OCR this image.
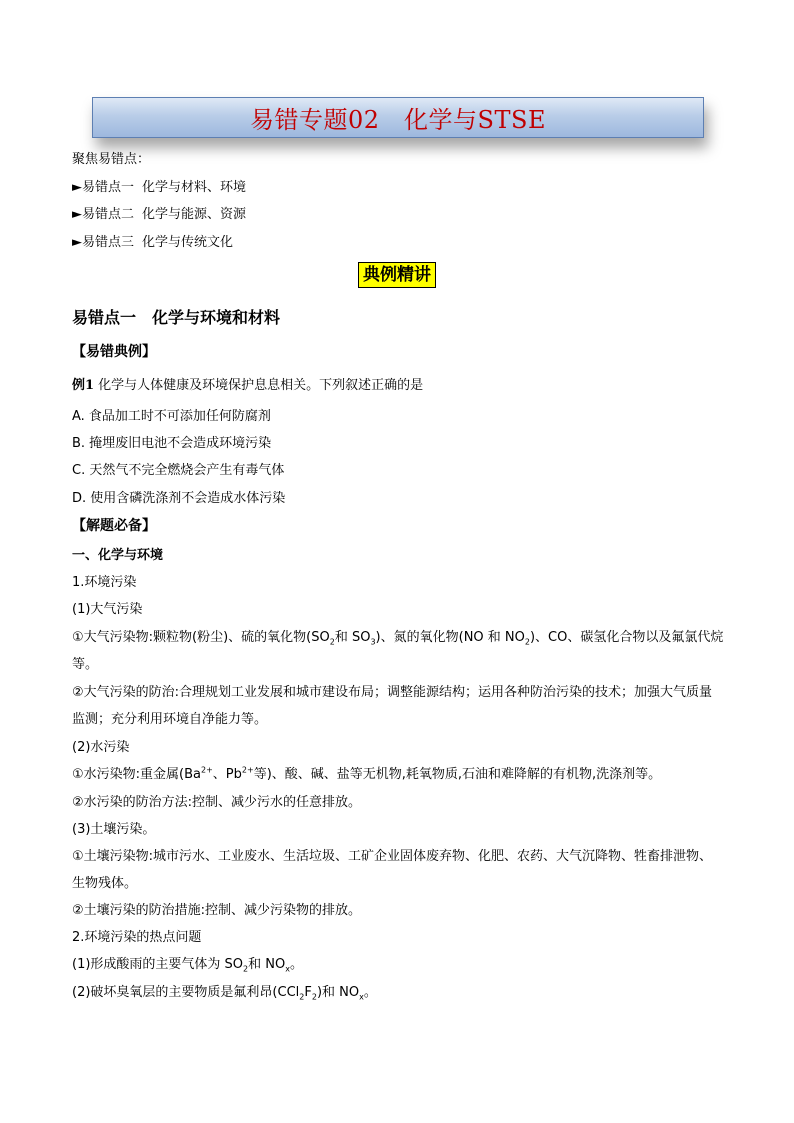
易错专题02　化学与STSE
聚焦易错点：
►易错点一 化学与材料、环境
►易错点二 化学与能源、资源
►易错点三 化学与传统文化
典例精讲
易错点一　化学与环境和材料
【易错典例】
例1 化学与人体健康及环境保护息息相关。下列叙述正确的是
A. 食品加工时不可添加任何防腐剂
B. 掩埋废旧电池不会造成环境污染
C. 天然气不完全燃烧会产生有毒气体
D. 使用含磷洗涤剂不会造成水体污染
【解题必备】
一、化学与环境
1.环境污染
(1)大气污染
①大气污染物:颗粒物(粉尘)、硫的氧化物($SO_2$和 $SO_3$)、氮的氧化物(NO 和 $NO_2$)、CO、碳氢化合物以及氟氯代烷等。
②大气污染的防治:合理规划工业发展和城市建设布局；调整能源结构；运用各种防治污染的技术；加强大气质量监测；充分利用环境自净能力等。
(2)水污染
①水污染物:重金属($Ba^{2+}$、$Pb^{2+}$等)、酸、碱、盐等无机物,耗氧物质,石油和难降解的有机物,洗涤剂等。
②水污染的防治方法:控制、减少污水的任意排放。
(3)土壤污染。
①土壤污染物:城市污水、工业废水、生活垃圾、工矿企业固体废弃物、化肥、农药、大气沉降物、牲畜排泄物、生物残体。
②土壤污染的防治措施:控制、减少污染物的排放。
2.环境污染的热点问题
(1)形成酸雨的主要气体为 $SO_2$和 $NO_x$。
(2)破坏臭氧层的主要物质是氟利昂$(CCl_2F_2)$和 $NO_x$。
